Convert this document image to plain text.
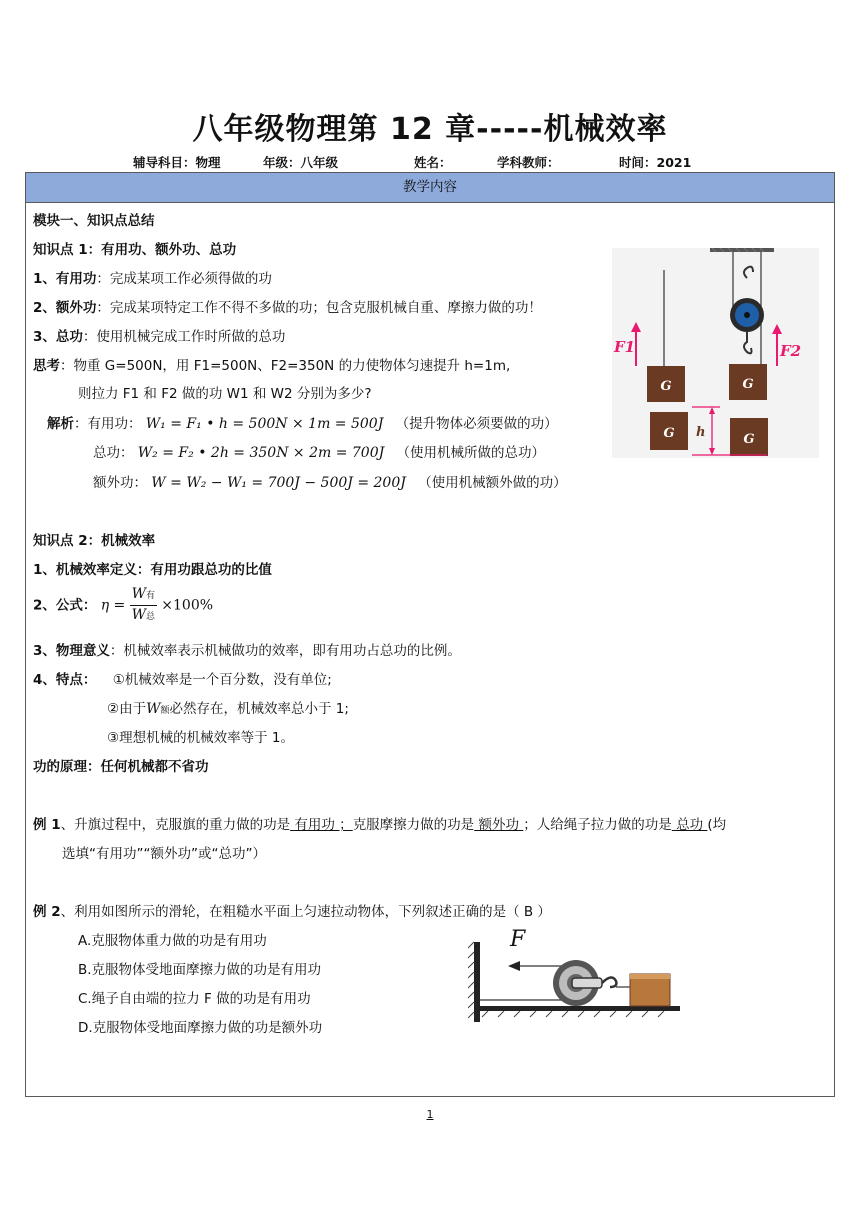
八年级物理第 12 章-----机械效率
辅导科目：物理	年级：八年级	姓名：	学科教师：	时间：2021
教学内容
模块一、知识点总结
知识点 1：有用功、额外功、总功
1、有用功：完成某项工作必须得做的功
2、额外功：完成某项特定工作不得不多做的功；包含克服机械自重、摩擦力做的功！
3、总功：使用机械完成工作时所做的总功
思考：物重 G=500N，用 F1=500N、F2=350N 的力使物体匀速提升 h=1m,
则拉力 F1 和 F2 做的功 W1 和 W2 分别为多少?
解析：有用功： W₁ = F₁ • h = 500N × 1m = 500J （提升物体必须要做的功）
总功： W₂ = F₂ • 2h = 350N × 2m = 700J （使用机械所做的总功）
额外功： W = W₂ − W₁ = 700J − 500J = 200J （使用机械额外做的功）
G	G
G	G
F1	F2
h
知识点 2：机械效率
1、机械效率定义：有用功跟总功的比值
2、公式： $\eta = \frac{\text{W有}}{\text{W总}} \times 100\%$
3、物理意义：机械效率表示机械做功的效率，即有用功占总功的比例。
4、特点： ①机械效率是一个百分数，没有单位;
②由于W额必然存在，机械效率总小于 1;
③理想机械的机械效率等于 1。
功的原理：任何机械都不省功
例 1、升旗过程中，克服旗的重力做的功是 有用功 ；克服摩擦力做的功是 额外功 ；人给绳子拉力做的功是 总功 (均
选填“有用功”“额外功”或“总功”）
例 2、利用如图所示的滑轮，在粗糙水平面上匀速拉动物体，下列叙述正确的是（ B ）
A.克服物体重力做的功是有用功
B.克服物体受地面摩擦力做的功是有用功
C.绳子自由端的拉力 F 做的功是有用功
D.克服物体受地面摩擦力做的功是额外功
F
1
